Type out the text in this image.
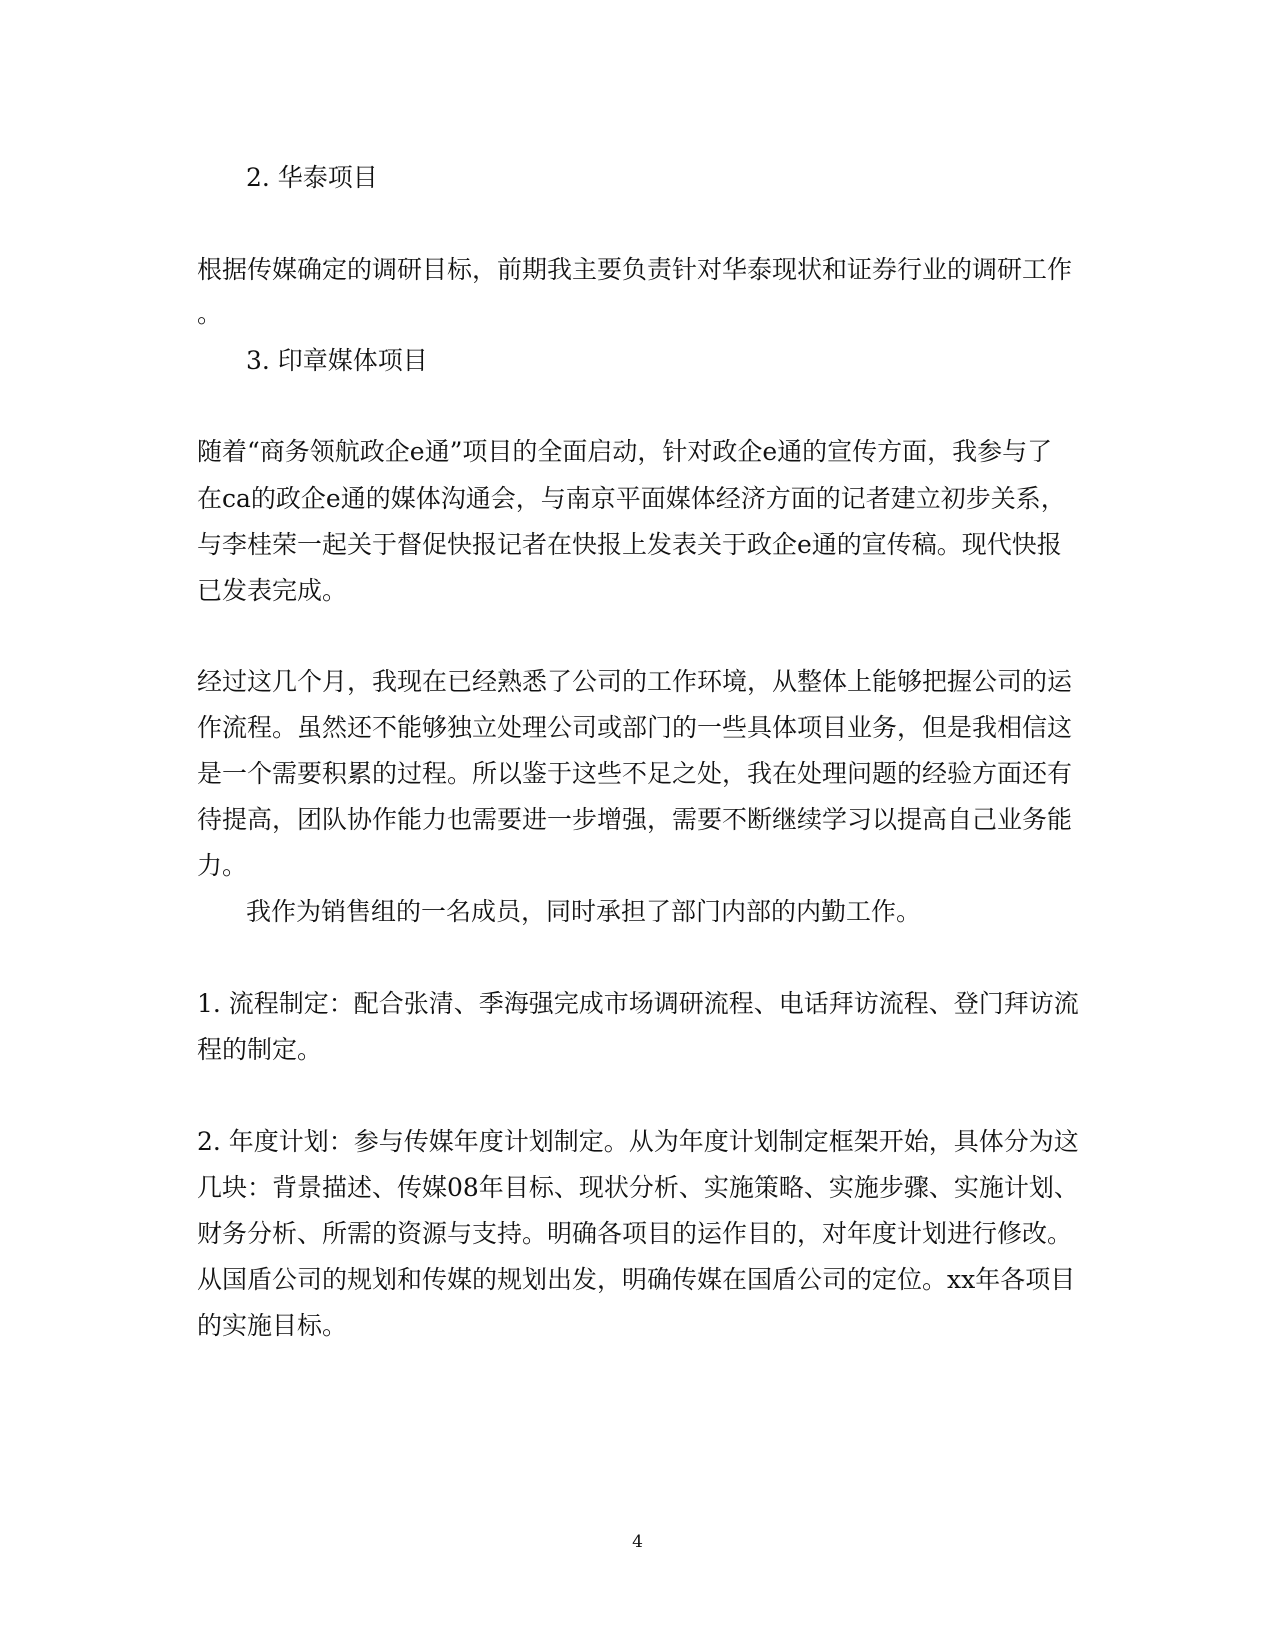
2. 华泰项目
根据传媒确定的调研目标，前期我主要负责针对华泰现状和证券行业的调研工作
。
3. 印章媒体项目
随着“商务领航政企e通”项目的全面启动，针对政企e通的宣传方面，我参与了
在ca的政企e通的媒体沟通会，与南京平面媒体经济方面的记者建立初步关系，
与李桂荣一起关于督促快报记者在快报上发表关于政企e通的宣传稿。现代快报
已发表完成。
经过这几个月，我现在已经熟悉了公司的工作环境，从整体上能够把握公司的运
作流程。虽然还不能够独立处理公司或部门的一些具体项目业务，但是我相信这
是一个需要积累的过程。所以鉴于这些不足之处，我在处理问题的经验方面还有
待提高，团队协作能力也需要进一步增强，需要不断继续学习以提高自己业务能
力。
我作为销售组的一名成员，同时承担了部门内部的内勤工作。
1. 流程制定：配合张清、季海强完成市场调研流程、电话拜访流程、登门拜访流
程的制定。
2. 年度计划：参与传媒年度计划制定。从为年度计划制定框架开始，具体分为这
几块：背景描述、传媒08年目标、现状分析、实施策略、实施步骤、实施计划、
财务分析、所需的资源与支持。明确各项目的运作目的，对年度计划进行修改。
从国盾公司的规划和传媒的规划出发，明确传媒在国盾公司的定位。xx年各项目
的实施目标。
4
